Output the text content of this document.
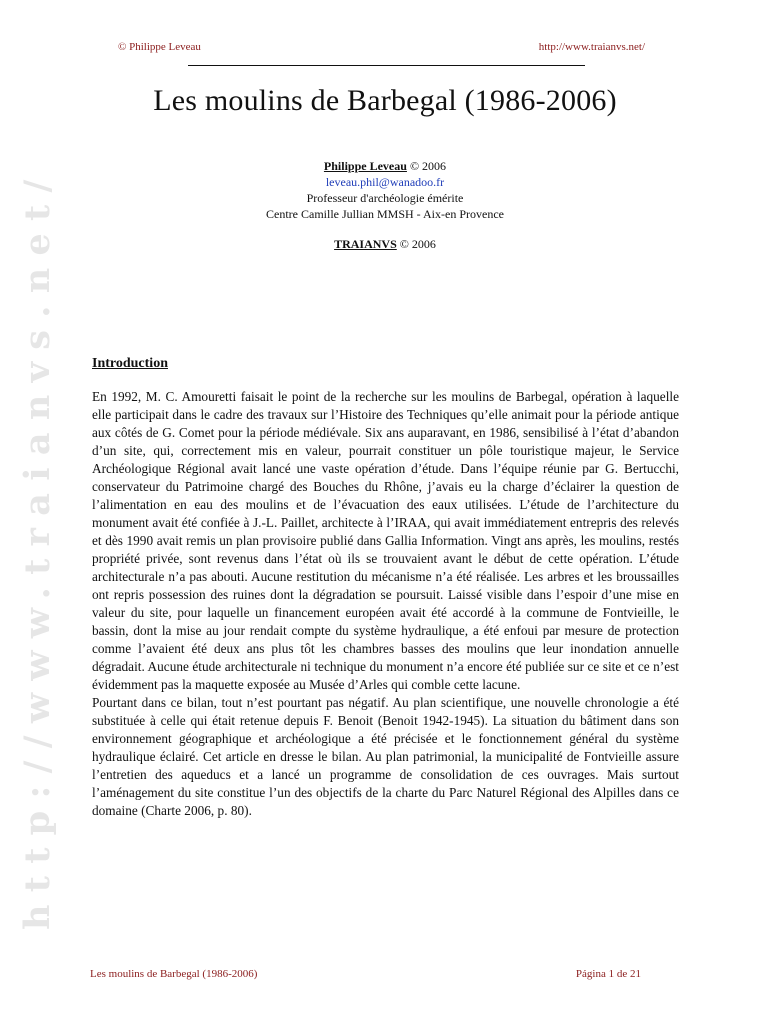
http://www.traianvs.net/
© Philippe Leveau	http://www.traianvs.net/
Les moulins de Barbegal (1986-2006)
Philippe Leveau © 2006
leveau.phil@wanadoo.fr
Professeur d'archéologie émérite
Centre Camille Jullian MMSH - Aix-en Provence
TRAIANVS © 2006
Introduction

En 1992, M. C. Amouretti faisait le point de la recherche sur les moulins de Barbegal, opération à laquelle elle participait dans le cadre des travaux sur l’Histoire des Techniques qu’elle animait pour la période antique aux côtés de G. Comet pour la période médiévale. Six ans auparavant, en 1986, sensibilisé à l’état d’abandon d’un site, qui, correctement mis en valeur, pourrait constituer un pôle touristique majeur, le Service Archéologique Régional avait lancé une vaste opération d’étude. Dans l’équipe réunie par G. Bertucchi, conservateur du Patrimoine chargé des Bouches du Rhône, j’avais eu la charge d’éclairer la question de l’alimentation en eau des moulins et de l’évacuation des eaux utilisées. L’étude de l’architecture du monument avait été confiée à J.-L. Paillet, architecte à l’IRAA, qui avait immédiatement entrepris des relevés et dès 1990 avait remis un plan provisoire publié dans Gallia Information. Vingt ans après, les moulins, restés propriété privée, sont revenus dans l’état où ils se trouvaient avant le début de cette opération. L’étude architecturale n’a pas abouti. Aucune restitution du mécanisme n’a été réalisée. Les arbres et les broussailles ont repris possession des ruines dont la dégradation se poursuit. Laissé visible dans l’espoir d’une mise en valeur du site, pour laquelle un financement européen avait été accordé à la commune de Fontvieille, le bassin, dont la mise au jour rendait compte du système hydraulique, a été enfoui par mesure de protection comme l’avaient été deux ans plus tôt les chambres basses des moulins que leur inondation annuelle dégradait. Aucune étude architecturale ni technique du monument n’a encore été publiée sur ce site et ce n’est évidemment pas la maquette exposée au Musée d’Arles qui comble cette lacune.

Pourtant dans ce bilan, tout n’est pourtant pas négatif. Au plan scientifique, une nouvelle chronologie a été substituée à celle qui était retenue depuis F. Benoit (Benoit 1942-1945). La situation du bâtiment dans son environnement géographique et archéologique a été précisée et le fonctionnement général du système hydraulique éclairé. Cet article en dresse le bilan. Au plan patrimonial, la municipalité de Fontvieille assure l’entretien des aqueducs et a lancé un programme de consolidation de ces ouvrages. Mais surtout l’aménagement du site constitue l’un des objectifs de la charte du Parc Naturel Régional des Alpilles dans ce domaine (Charte 2006, p. 80).

Les moulins de Barbegal (1986-2006)	Página 1 de 21
